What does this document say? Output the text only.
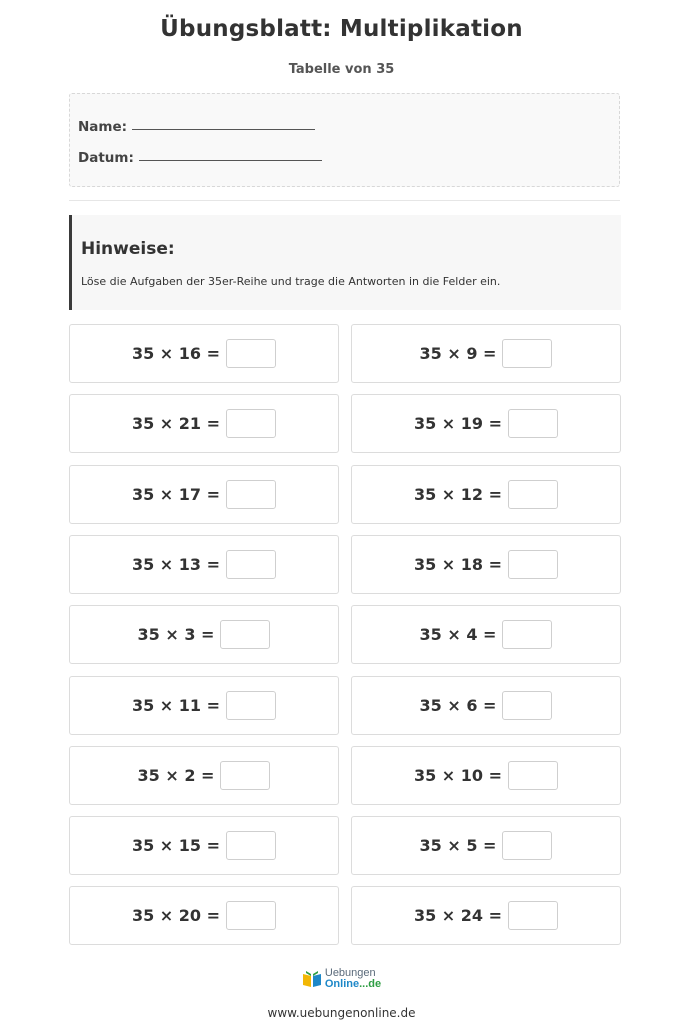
Übungsblatt: Multiplikation
Tabelle von 35
Name:
Datum:
Hinweise:
Löse die Aufgaben der 35er-Reihe und trage die Antworten in die Felder ein.
35 × 16 =	35 × 9 =
35 × 21 =	35 × 19 =
35 × 17 =	35 × 12 =
35 × 13 =	35 × 18 =
35 × 3 =	35 × 4 =
35 × 11 =	35 × 6 =
35 × 2 =	35 × 10 =
35 × 15 =	35 × 5 =
35 × 20 =	35 × 24 =
Uebungen
Online...de
www.uebungenonline.de
